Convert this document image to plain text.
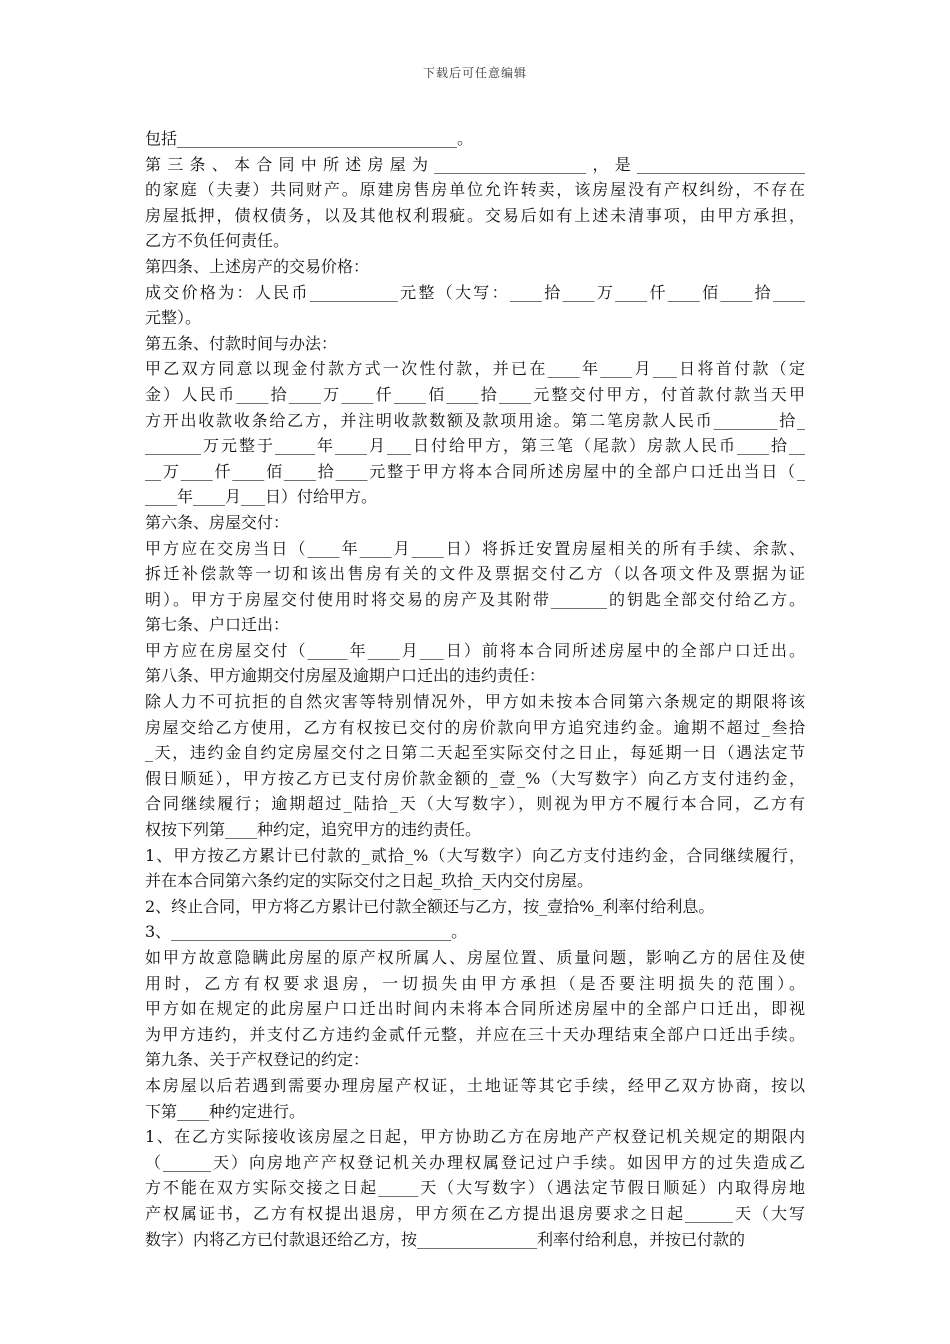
下载后可任意编辑
包括___________________________________。
第三条、本合同中所述房屋为___________________，是_____________________
的家庭（夫妻）共同财产。原建房售房单位允许转卖，该房屋没有产权纠纷，不存在
房屋抵押，债权债务，以及其他权利瑕疵。交易后如有上述未清事项，由甲方承担，
乙方不负任何责任。
第四条、上述房产的交易价格：
成交价格为：人民币___________元整（大写：____拾____万____仟____佰____拾____
元整）。
第五条、付款时间与办法：
甲乙双方同意以现金付款方式一次性付款，并已在____年____月___日将首付款（定
金）人民币____拾____万____仟____佰____拾____元整交付甲方，付首款付款当天甲
方开出收款收条给乙方，并注明收款数额及款项用途。第二笔房款人民币________拾_
_______万元整于_____年____月___日付给甲方，第三笔（尾款）房款人民币____拾__
__万____仟____佰____拾____元整于甲方将本合同所述房屋中的全部户口迁出当日（_
____年____月___日）付给甲方。
第六条、房屋交付：
甲方应在交房当日（____年____月____日）将拆迁安置房屋相关的所有手续、余款、
拆迁补偿款等一切和该出售房有关的文件及票据交付乙方（以各项文件及票据为证
明）。甲方于房屋交付使用时将交易的房产及其附带_______的钥匙全部交付给乙方。
第七条、户口迁出：
甲方应在房屋交付（_____年____月___日）前将本合同所述房屋中的全部户口迁出。
第八条、甲方逾期交付房屋及逾期户口迁出的违约责任：
除人力不可抗拒的自然灾害等特别情况外，甲方如未按本合同第六条规定的期限将该
房屋交给乙方使用，乙方有权按已交付的房价款向甲方追究违约金。逾期不超过_叁拾
_天，违约金自约定房屋交付之日第二天起至实际交付之日止，每延期一日（遇法定节
假日顺延），甲方按乙方已支付房价款金额的_壹_%（大写数字）向乙方支付违约金，
合同继续履行；逾期超过_陆拾_天（大写数字），则视为甲方不履行本合同，乙方有
权按下列第____种约定，追究甲方的违约责任。
1、甲方按乙方累计已付款的_贰拾_%（大写数字）向乙方支付违约金，合同继续履行，
并在本合同第六条约定的实际交付之日起_玖拾_天内交付房屋。
2、终止合同，甲方将乙方累计已付款全额还与乙方，按_壹拾%_利率付给利息。
3、___________________________________。
如甲方故意隐瞒此房屋的原产权所属人、房屋位置、质量问题，影响乙方的居住及使
用时，乙方有权要求退房，一切损失由甲方承担（是否要注明损失的范围）。
甲方如在规定的此房屋户口迁出时间内未将本合同所述房屋中的全部户口迁出，即视
为甲方违约，并支付乙方违约金贰仟元整，并应在三十天办理结束全部户口迁出手续。
第九条、关于产权登记的约定：
本房屋以后若遇到需要办理房屋产权证，土地证等其它手续，经甲乙双方协商，按以
下第____种约定进行。
1、在乙方实际接收该房屋之日起，甲方协助乙方在房地产产权登记机关规定的期限内
（______天）向房地产产权登记机关办理权属登记过户手续。如因甲方的过失造成乙
方不能在双方实际交接之日起_____天（大写数字）（遇法定节假日顺延）内取得房地
产权属证书，乙方有权提出退房，甲方须在乙方提出退房要求之日起______天（大写
数字）内将乙方已付款退还给乙方，按_______________利率付给利息，并按已付款的
